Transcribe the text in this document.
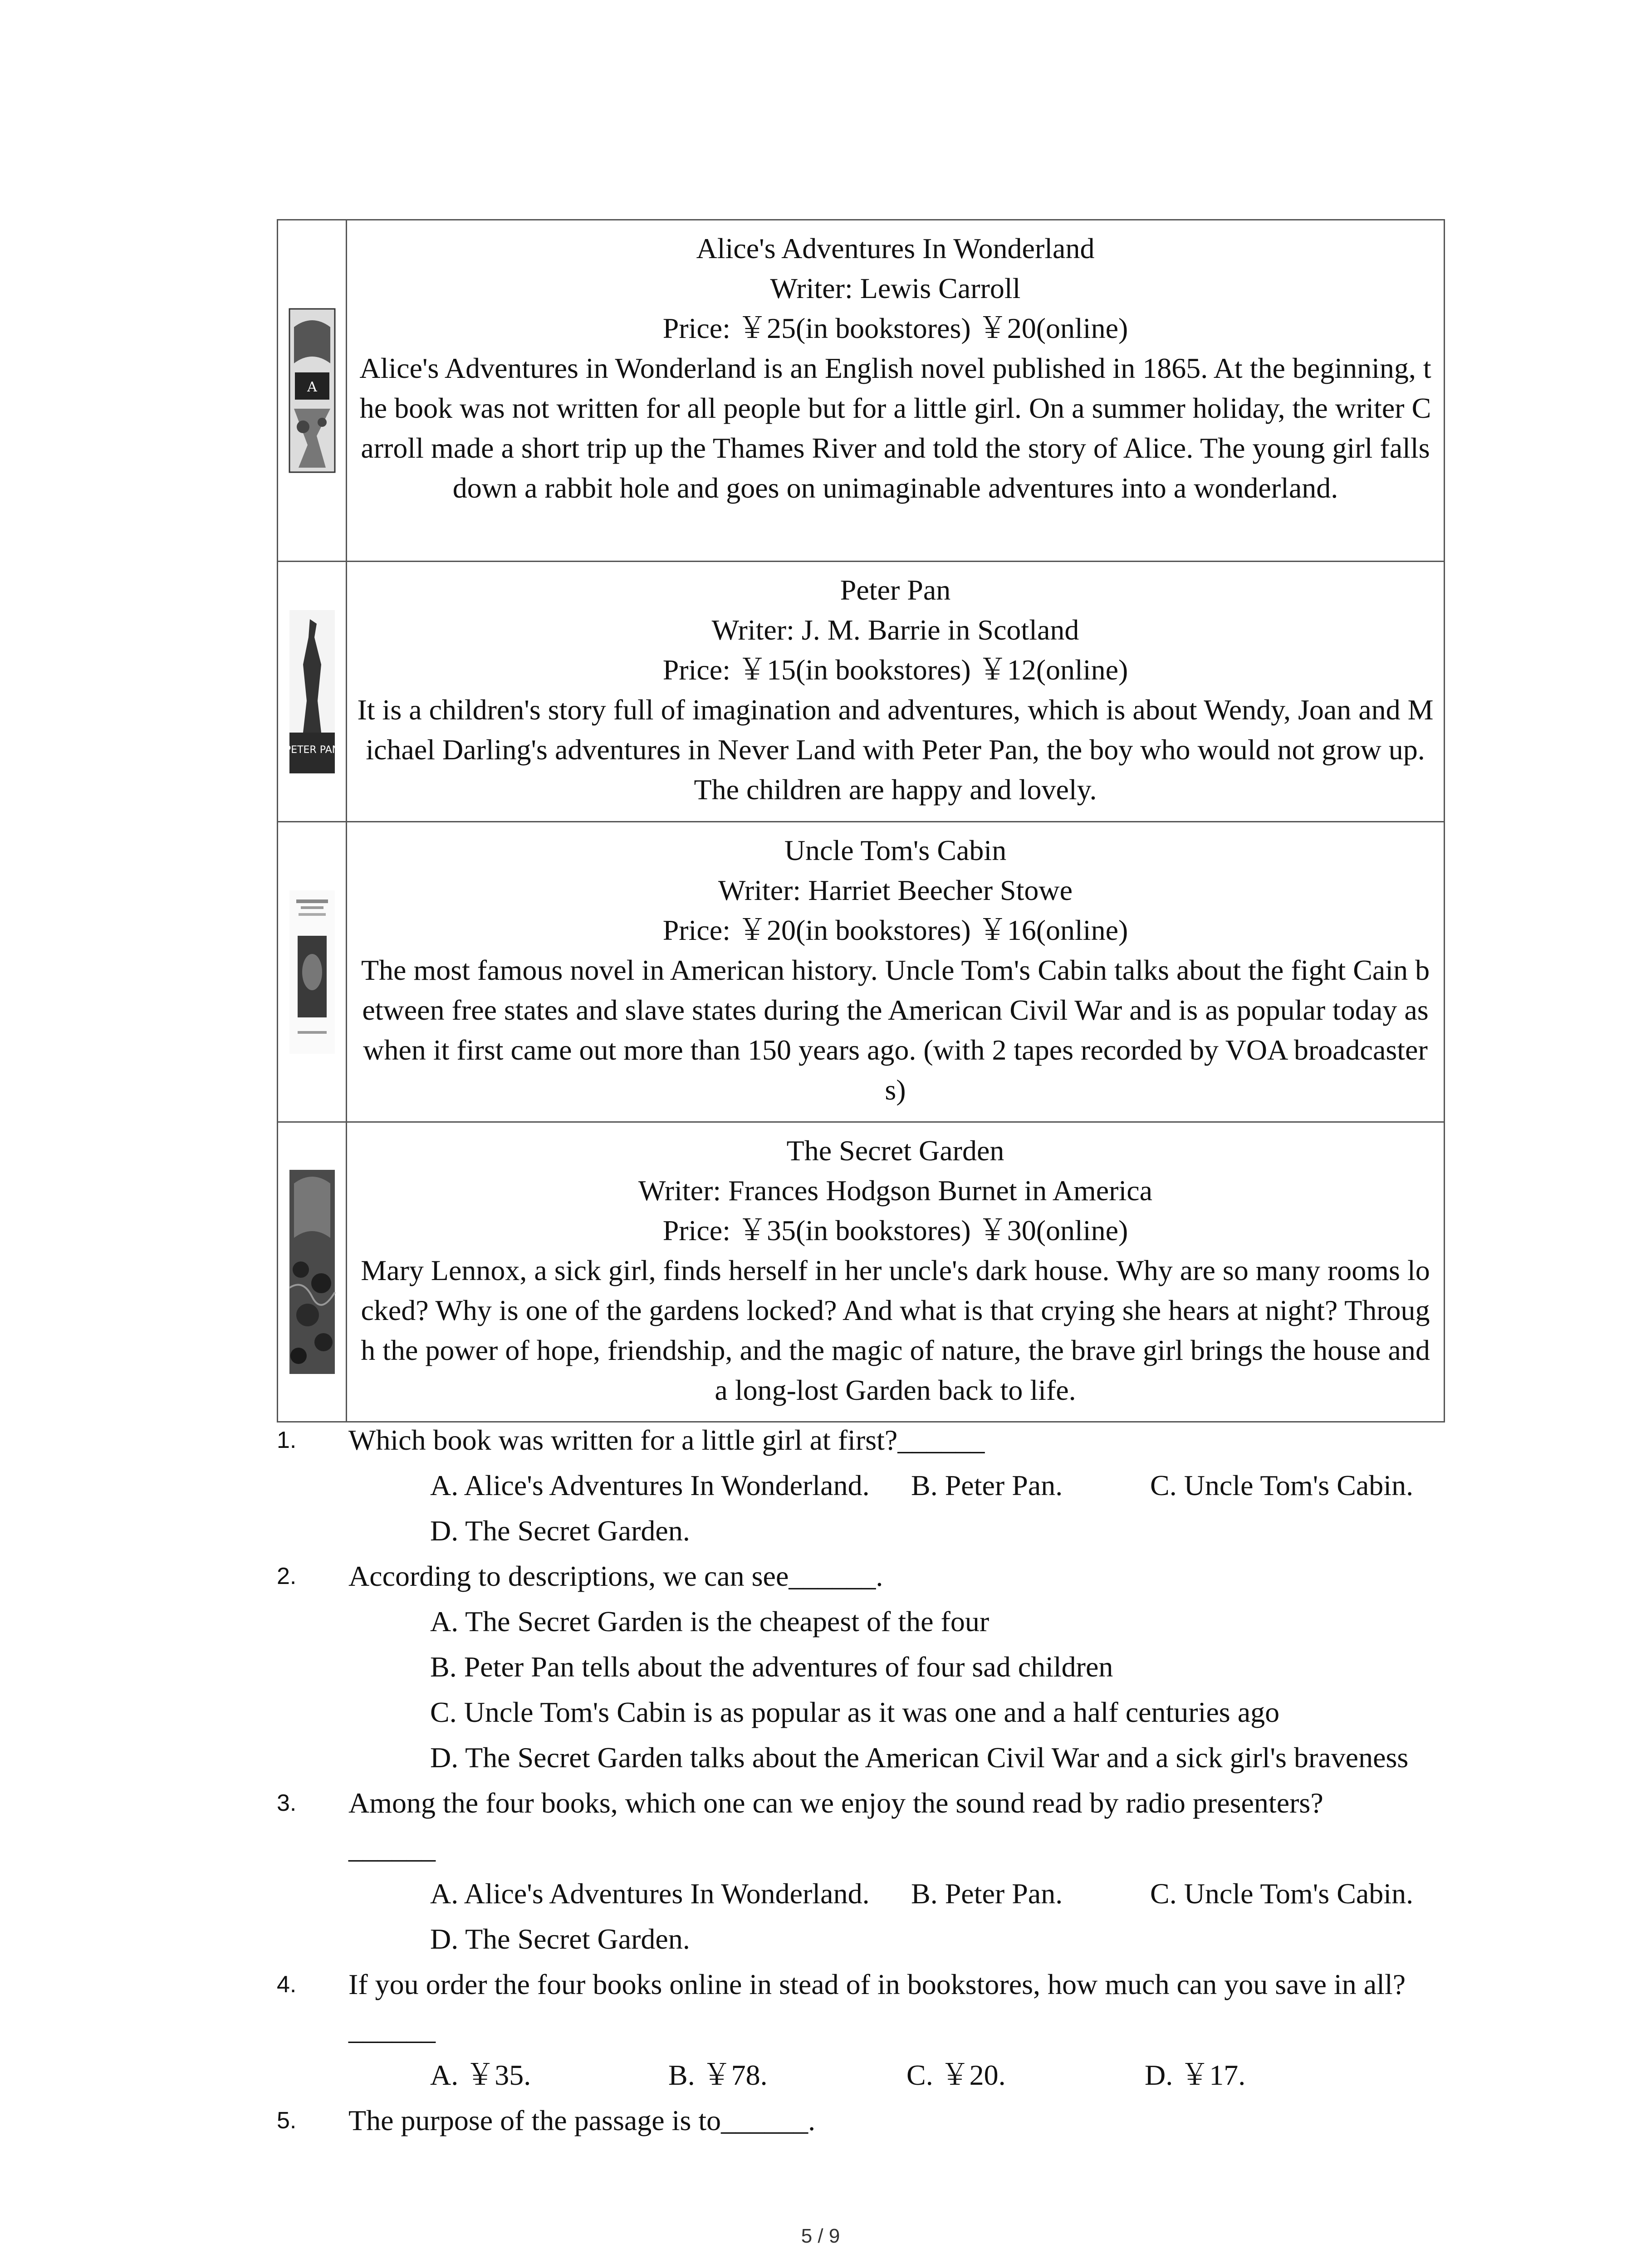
A
Alice's Adventures In Wonderland
Writer: Lewis Carroll
Price: ￥25(in bookstores) ￥20(online)
Alice's Adventures in Wonderland is an English novel published in 1865. At the beginning, the book was not written for all people but for a little girl. On a summer holiday, the writer Carroll made a short trip up the Thames River and told the story of Alice. The young girl falls down a rabbit hole and goes on unimaginable adventures into a wonderland.
PETER PAN
Peter Pan
Writer: J. M. Barrie in Scotland
Price: ￥15(in bookstores) ￥12(online)
It is a children's story full of imagination and adventures, which is about Wendy, Joan and Michael Darling's adventures in Never Land with Peter Pan, the boy who would not grow up. The children are happy and lovely.
Uncle Tom's Cabin
Writer: Harriet Beecher Stowe
Price: ￥20(in bookstores) ￥16(online)
The most famous novel in American history. Uncle Tom's Cabin talks about the fight Cain between free states and slave states during the American Civil War and is as popular today as when it first came out more than 150 years ago. (with 2 tapes recorded by VOA broadcasters)
The Secret Garden
Writer: Frances Hodgson Burnet in America
Price: ￥35(in bookstores) ￥30(online)
Mary Lennox, a sick girl, finds herself in her uncle's dark house. Why are so many rooms locked? Why is one of the gardens locked? And what is that crying she hears at night? Through the power of hope, friendship, and the magic of nature, the brave girl brings the house and a long-lost Garden back to life.
1. Which book was written for a little girl at first?______
A. Alice's Adventures In Wonderland.	B. Peter Pan.	C. Uncle Tom's Cabin.
D. The Secret Garden.
2. According to descriptions, we can see______.
A. The Secret Garden is the cheapest of the four
B. Peter Pan tells about the adventures of four sad children
C. Uncle Tom's Cabin is as popular as it was one and a half centuries ago
D. The Secret Garden talks about the American Civil War and a sick girl's braveness
3. Among the four books, which one can we enjoy the sound read by radio presenters?
______
A. Alice's Adventures In Wonderland.	B. Peter Pan.	C. Uncle Tom's Cabin.
D. The Secret Garden.
4. If you order the four books online in stead of in bookstores, how much can you save in all?______
A. ￥35.	B. ￥78.	C. ￥20.	D. ￥17.
5. The purpose of the passage is to______.
5 / 9
